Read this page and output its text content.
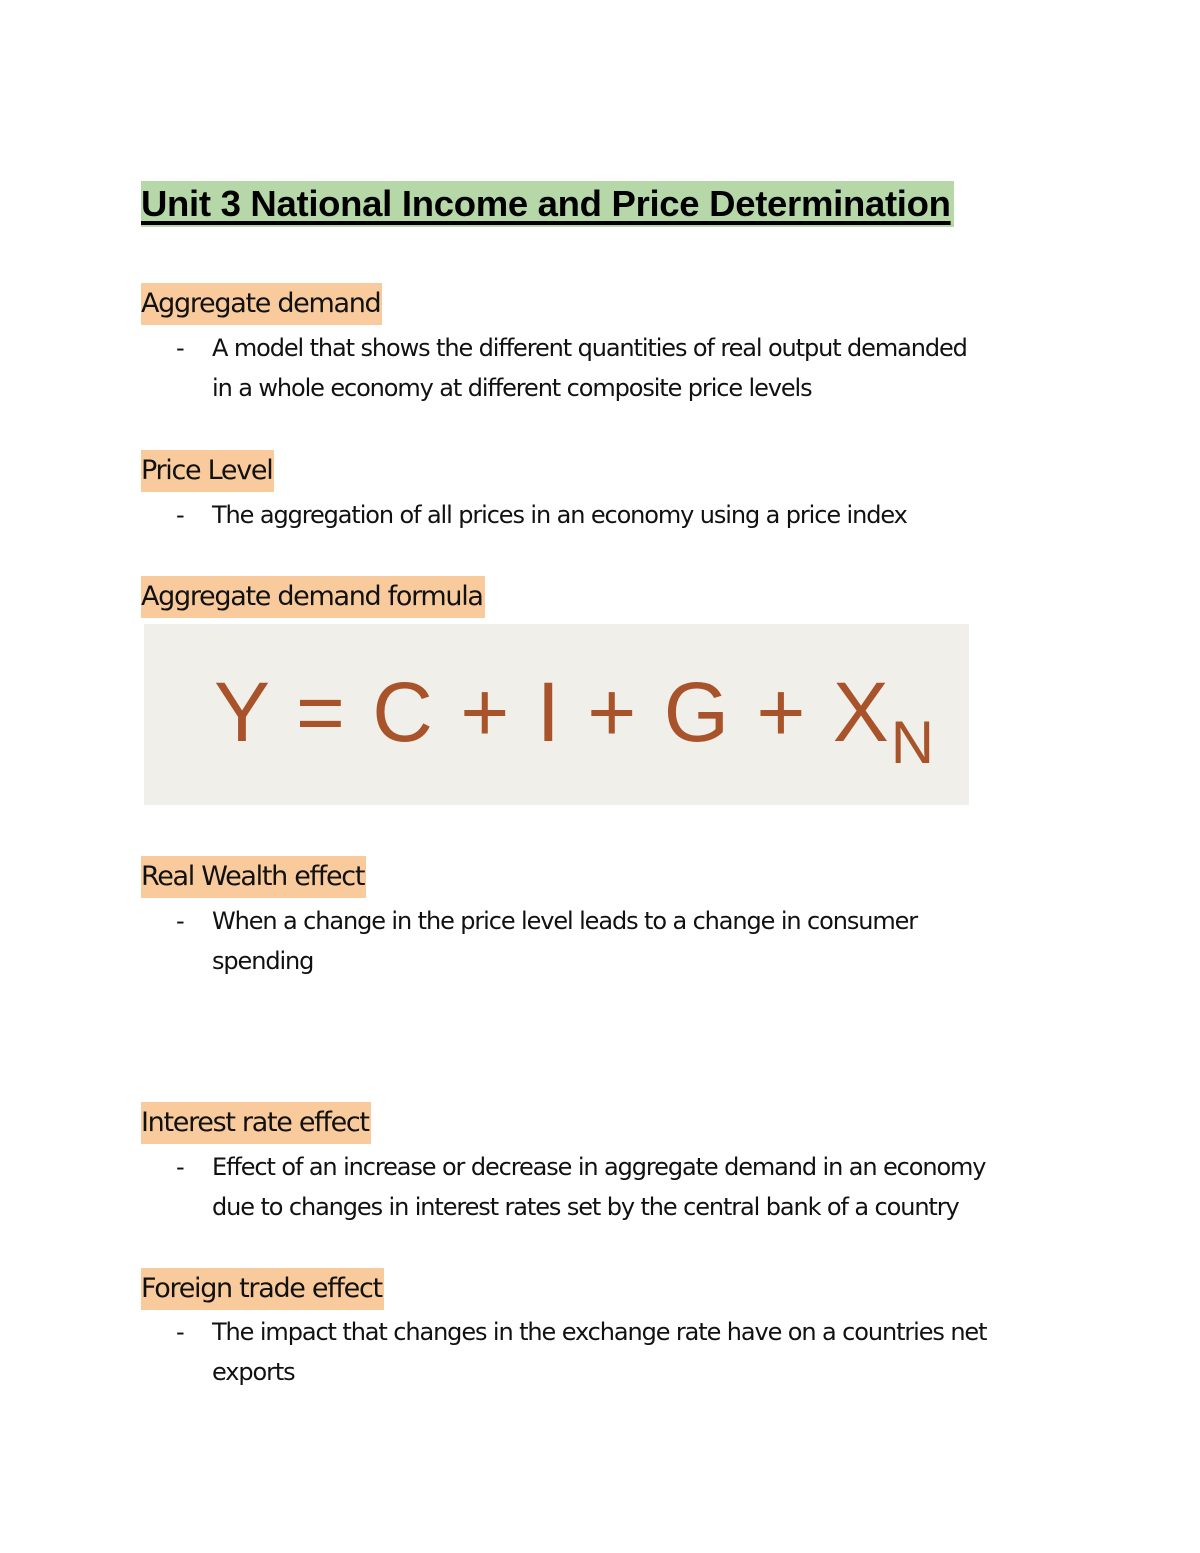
Unit 3 National Income and Price Determination
Aggregate demand
-	A model that shows the different quantities of real output demanded
in a whole economy at different composite price levels
Price Level
-	The aggregation of all prices in an economy using a price index
Aggregate demand formula
$Y = C + I + G + X_N$
Real Wealth effect
-	When a change in the price level leads to a change in consumer
spending
Interest rate effect
-	Effect of an increase or decrease in aggregate demand in an economy
due to changes in interest rates set by the central bank of a country
Foreign trade effect
-	The impact that changes in the exchange rate have on a countries net
exports
